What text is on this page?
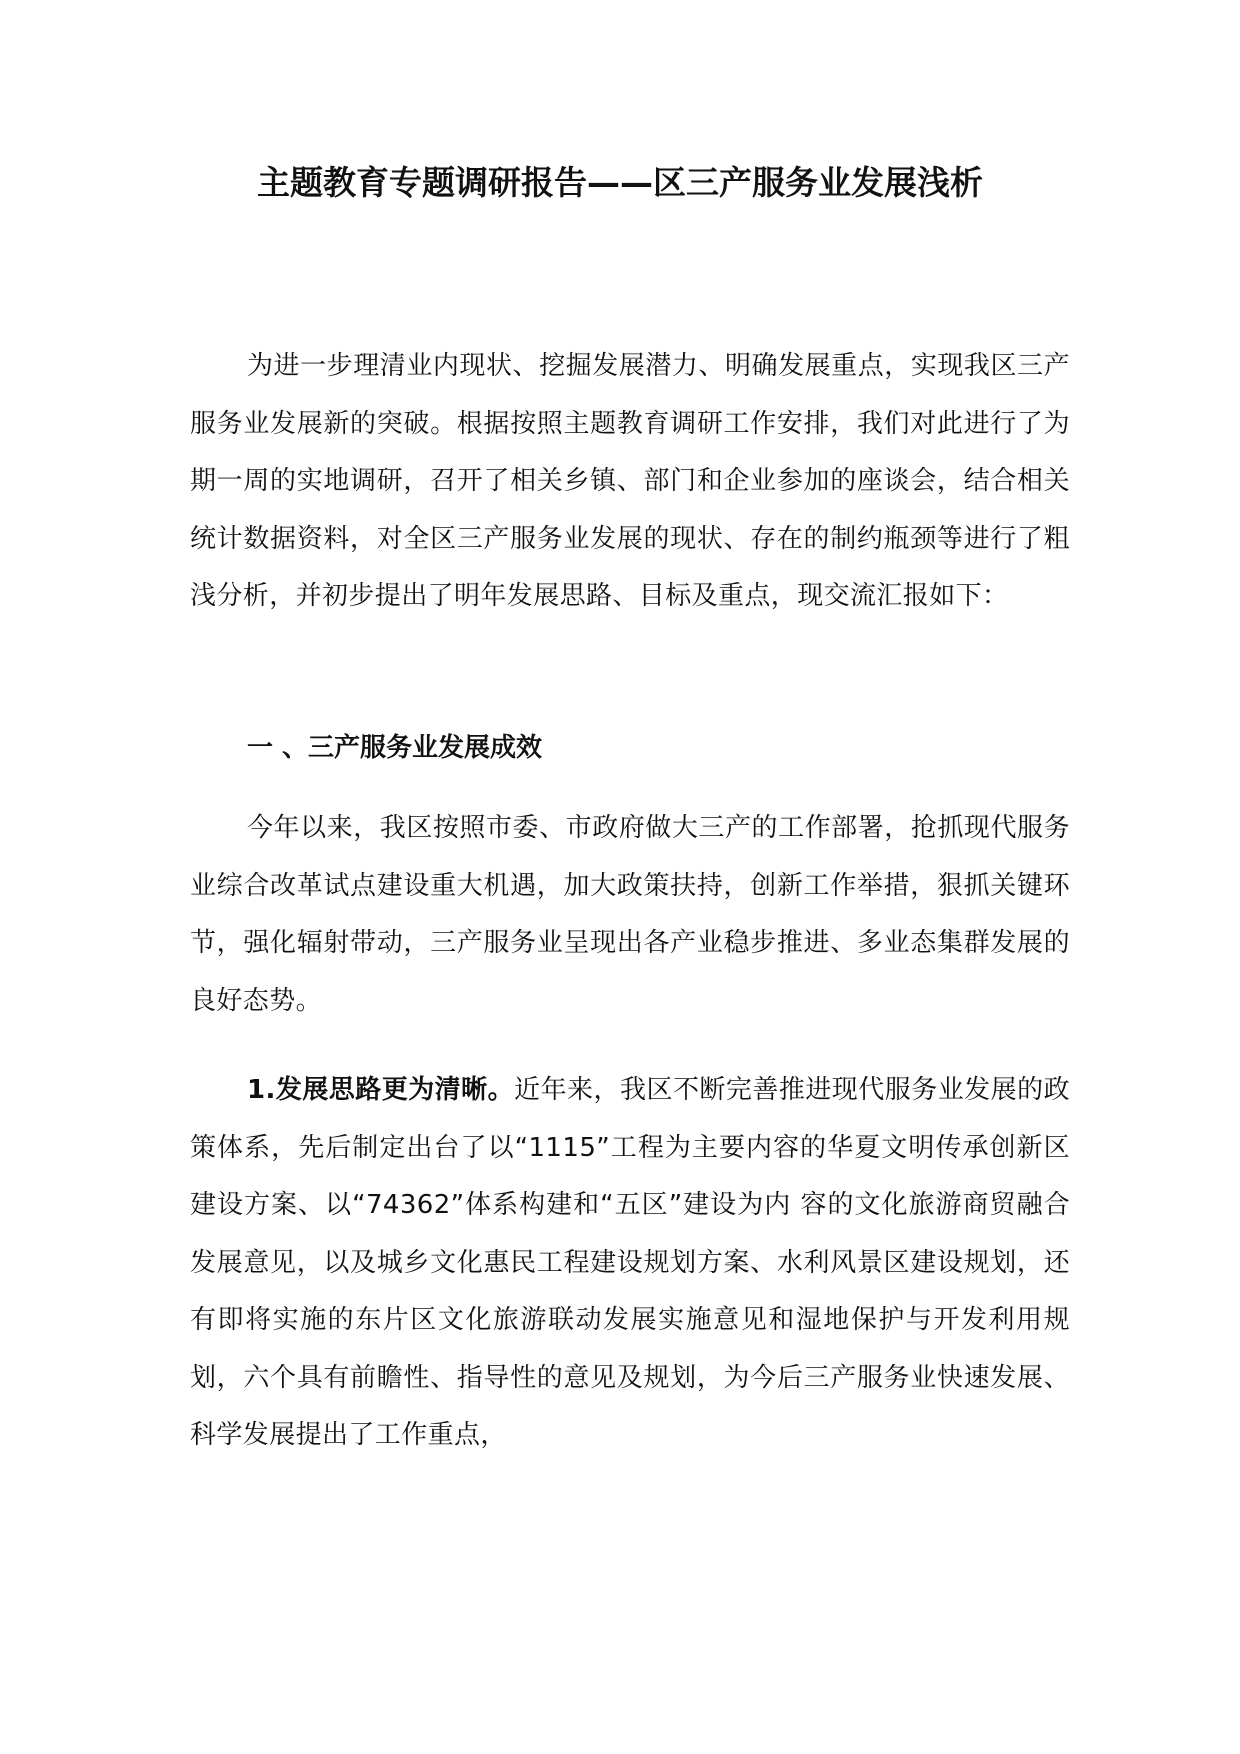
主题教育专题调研报告——区三产服务业发展浅析

为进一步理清业内现状、挖掘发展潜力、明确发展重点，实现我区三产服务业发展新的突破。根据按照主题教育调研工作安排，我们对此进行了为期一周的实地调研，召开了相关乡镇、部门和企业参加的座谈会，结合相关统计数据资料，对全区三产服务业发展的现状、存在的制约瓶颈等进行了粗浅分析，并初步提出了明年发展思路、目标及重点，现交流汇报如下：

一 、三产服务业发展成效

今年以来，我区按照市委、市政府做大三产的工作部署，抢抓现代服务业综合改革试点建设重大机遇，加大政策扶持，创新工作举措，狠抓关键环节，强化辐射带动，三产服务业呈现出各产业稳步推进、多业态集群发展的良好态势。

1.发展思路更为清晰。近年来，我区不断完善推进现代服务业发展的政策体系，先后制定出台了以“1115”工程为主要内容的华夏文明传承创新区建设方案、以“74362”体系构建和“五区”建设为内 容的文化旅游商贸融合发展意见，以及城乡文化惠民工程建设规划方案、水利风景区建设规划，还有即将实施的东片区文化旅游联动发展实施意见和湿地保护与开发利用规划，六个具有前瞻性、指导性的意见及规划，为今后三产服务业快速发展、科学发展提出了工作重点，
